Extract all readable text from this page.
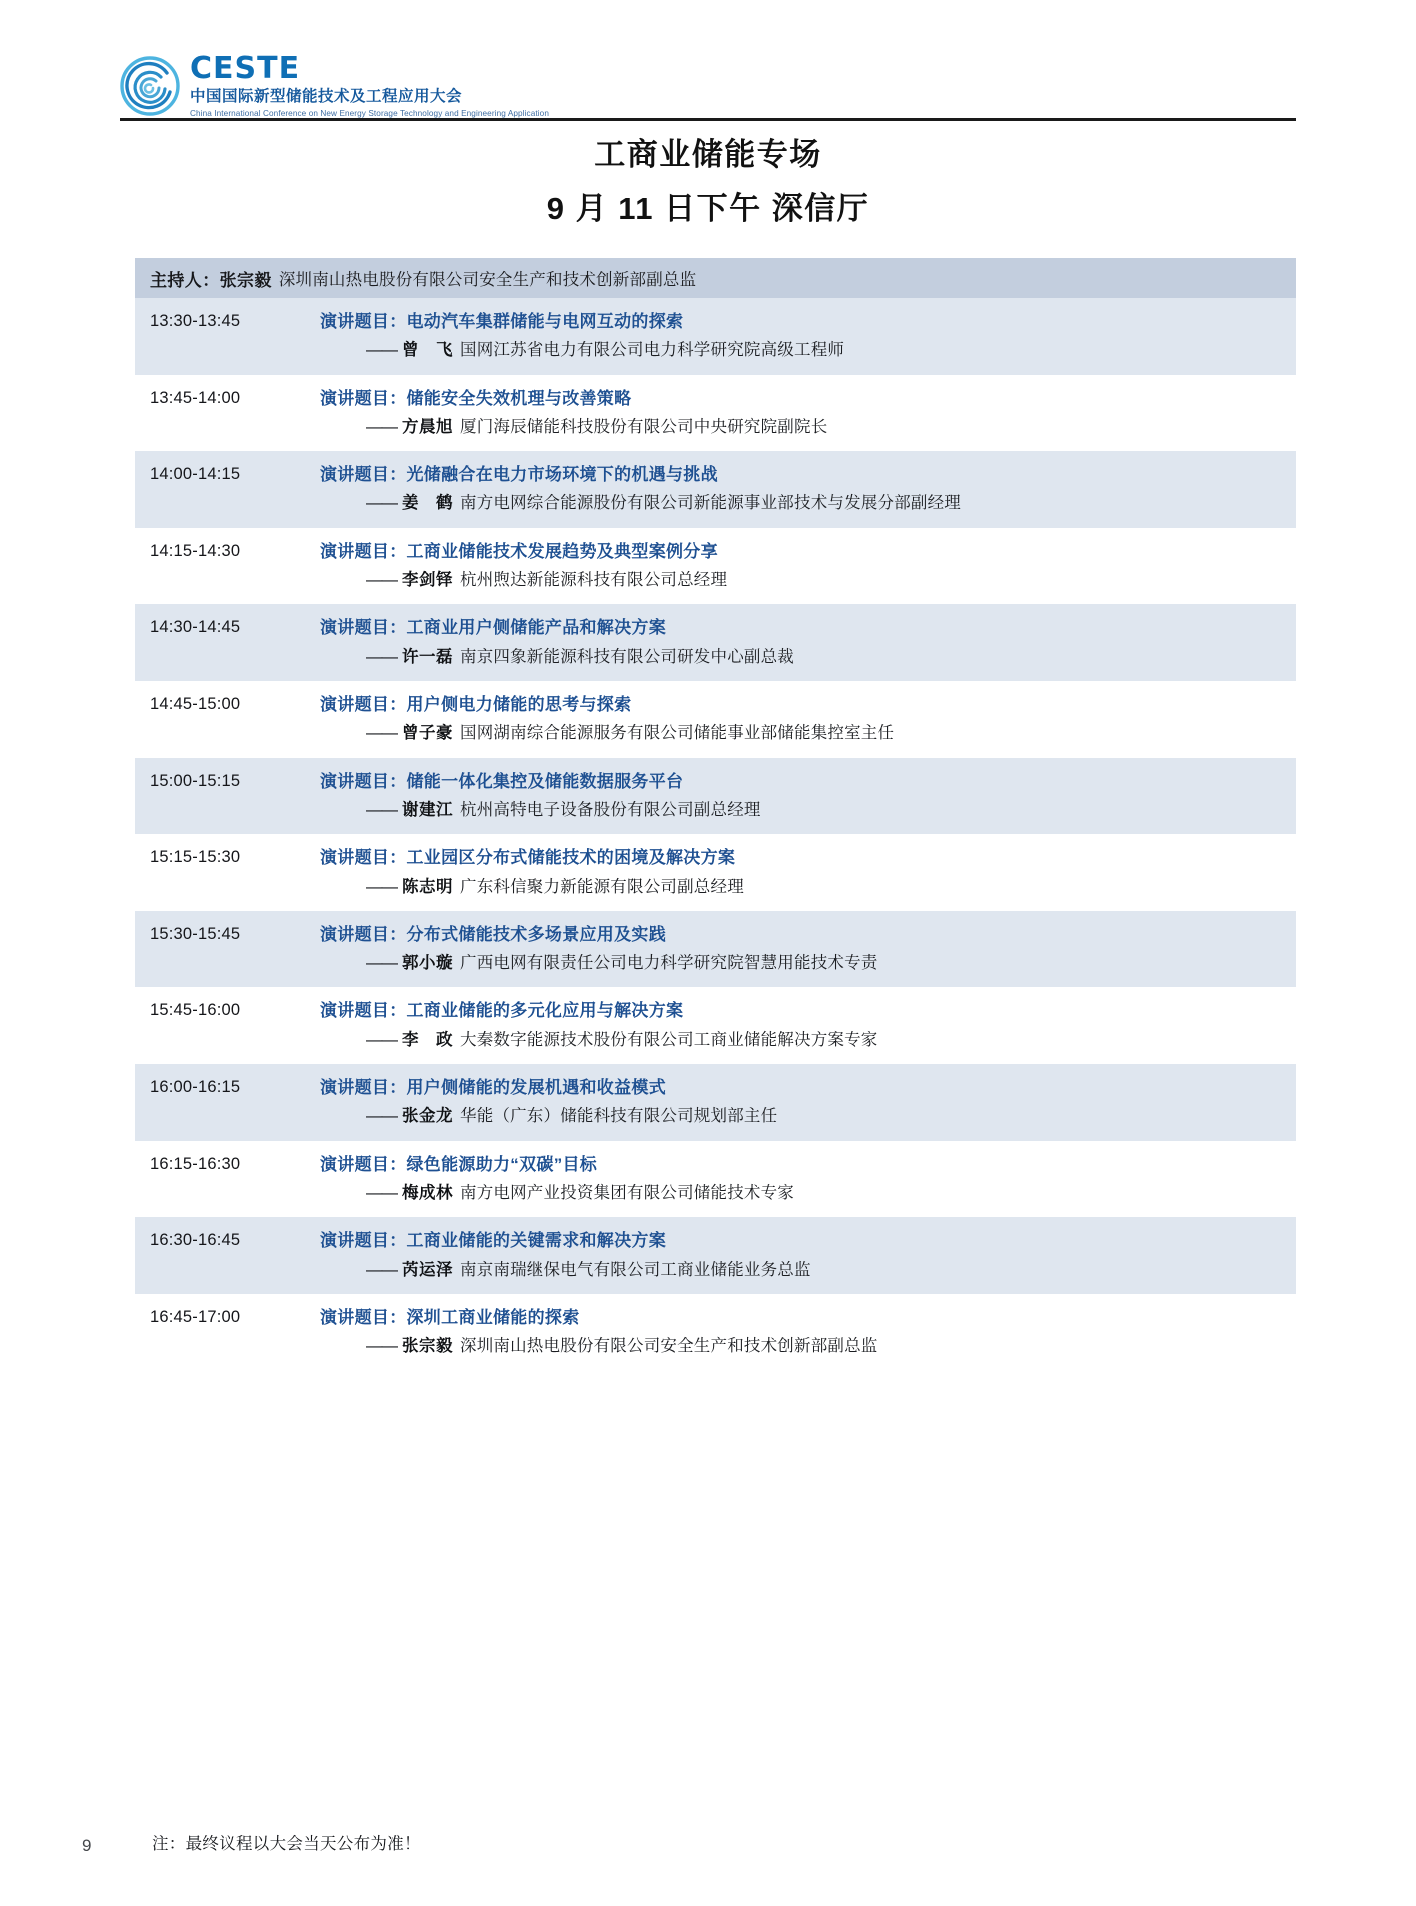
CESTE
中国国际新型储能技术及工程应用大会
China International Conference on New Energy Storage Technology and Engineering Application
工商业储能专场
9 月 11 日下午 深信厅
主持人： 张宗毅 深圳南山热电股份有限公司安全生产和技术创新部副总监
13:30-13:45	演讲题目：电动汽车集群储能与电网互动的探索
—— 曾　飞 国网江苏省电力有限公司电力科学研究院高级工程师
13:45-14:00	演讲题目：储能安全失效机理与改善策略
—— 方晨旭 厦门海辰储能科技股份有限公司中央研究院副院长
14:00-14:15	演讲题目：光储融合在电力市场环境下的机遇与挑战
—— 姜　鹤 南方电网综合能源股份有限公司新能源事业部技术与发展分部副经理
14:15-14:30	演讲题目：工商业储能技术发展趋势及典型案例分享
—— 李剑铎 杭州煦达新能源科技有限公司总经理
14:30-14:45	演讲题目：工商业用户侧储能产品和解决方案
—— 许一磊 南京四象新能源科技有限公司研发中心副总裁
14:45-15:00	演讲题目：用户侧电力储能的思考与探索
—— 曾子豪 国网湖南综合能源服务有限公司储能事业部储能集控室主任
15:00-15:15	演讲题目：储能一体化集控及储能数据服务平台
—— 谢建江 杭州高特电子设备股份有限公司副总经理
15:15-15:30	演讲题目：工业园区分布式储能技术的困境及解决方案
—— 陈志明 广东科信聚力新能源有限公司副总经理
15:30-15:45	演讲题目：分布式储能技术多场景应用及实践
—— 郭小璇 广西电网有限责任公司电力科学研究院智慧用能技术专责
15:45-16:00	演讲题目：工商业储能的多元化应用与解决方案
—— 李　政 大秦数字能源技术股份有限公司工商业储能解决方案专家
16:00-16:15	演讲题目：用户侧储能的发展机遇和收益模式
—— 张金龙 华能（广东）储能科技有限公司规划部主任
16:15-16:30	演讲题目：绿色能源助力“双碳”目标
—— 梅成林 南方电网产业投资集团有限公司储能技术专家
16:30-16:45	演讲题目：工商业储能的关键需求和解决方案
—— 芮运泽 南京南瑞继保电气有限公司工商业储能业务总监
16:45-17:00	演讲题目：深圳工商业储能的探索
—— 张宗毅 深圳南山热电股份有限公司安全生产和技术创新部副总监
9	注：最终议程以大会当天公布为准！
